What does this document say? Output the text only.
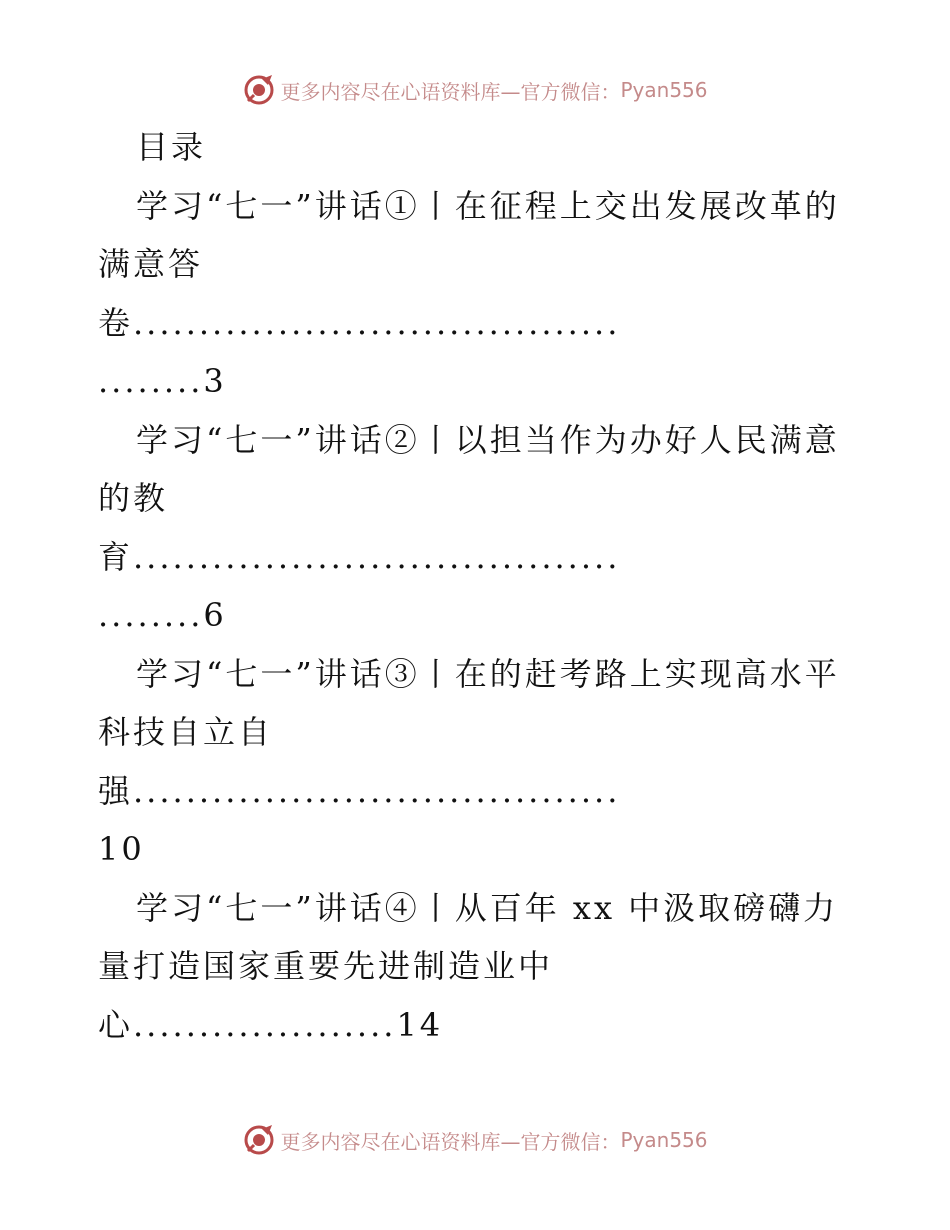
更多内容尽在心语资料库—官方微信： Pyan556
目录
学习“七一”讲话①丨在征程上交出发展改革的
满意答
卷.....................................
........3
学习“七一”讲话②丨以担当作为办好人民满意
的教
育.....................................
........6
学习“七一”讲话③丨在的赶考路上实现高水平
科技自立自
强.....................................
10
学习“七一”讲话④丨从百年 xx 中汲取磅礴力
量打造国家重要先进制造业中
心....................14
更多内容尽在心语资料库—官方微信： Pyan556
